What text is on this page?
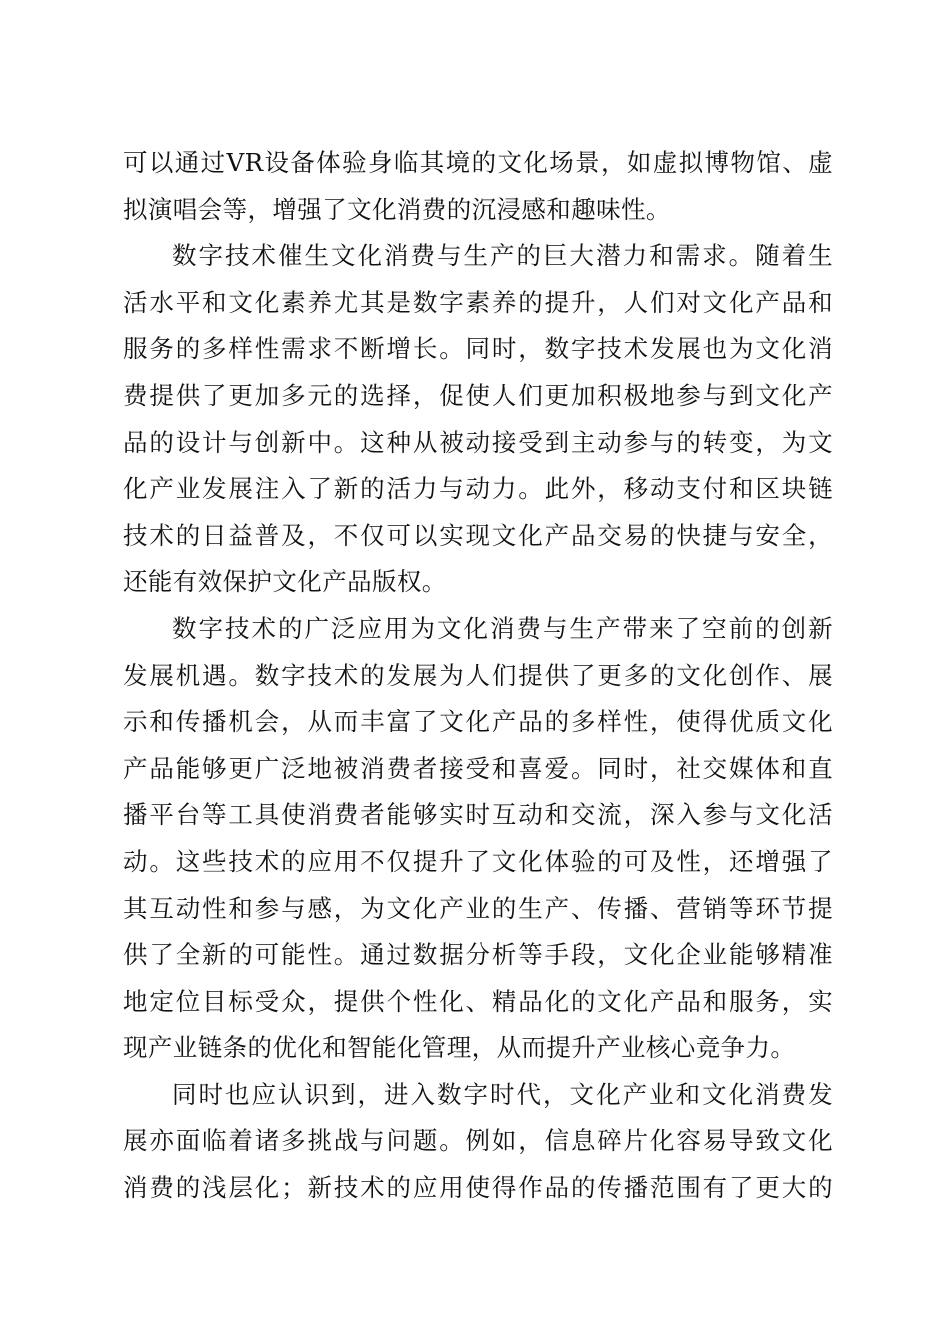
可以通过VR设备体验身临其境的文化场景，如虚拟博物馆、虚
拟演唱会等，增强了文化消费的沉浸感和趣味性。
数字技术催生文化消费与生产的巨大潜力和需求。随着生
活水平和文化素养尤其是数字素养的提升，人们对文化产品和
服务的多样性需求不断增长。同时，数字技术发展也为文化消
费提供了更加多元的选择，促使人们更加积极地参与到文化产
品的设计与创新中。这种从被动接受到主动参与的转变，为文
化产业发展注入了新的活力与动力。此外，移动支付和区块链
技术的日益普及，不仅可以实现文化产品交易的快捷与安全，
还能有效保护文化产品版权。
数字技术的广泛应用为文化消费与生产带来了空前的创新
发展机遇。数字技术的发展为人们提供了更多的文化创作、展
示和传播机会，从而丰富了文化产品的多样性，使得优质文化
产品能够更广泛地被消费者接受和喜爱。同时，社交媒体和直
播平台等工具使消费者能够实时互动和交流，深入参与文化活
动。这些技术的应用不仅提升了文化体验的可及性，还增强了
其互动性和参与感，为文化产业的生产、传播、营销等环节提
供了全新的可能性。通过数据分析等手段，文化企业能够精准
地定位目标受众，提供个性化、精品化的文化产品和服务，实
现产业链条的优化和智能化管理，从而提升产业核心竞争力。
同时也应认识到，进入数字时代，文化产业和文化消费发
展亦面临着诸多挑战与问题。例如，信息碎片化容易导致文化
消费的浅层化；新技术的应用使得作品的传播范围有了更大的
